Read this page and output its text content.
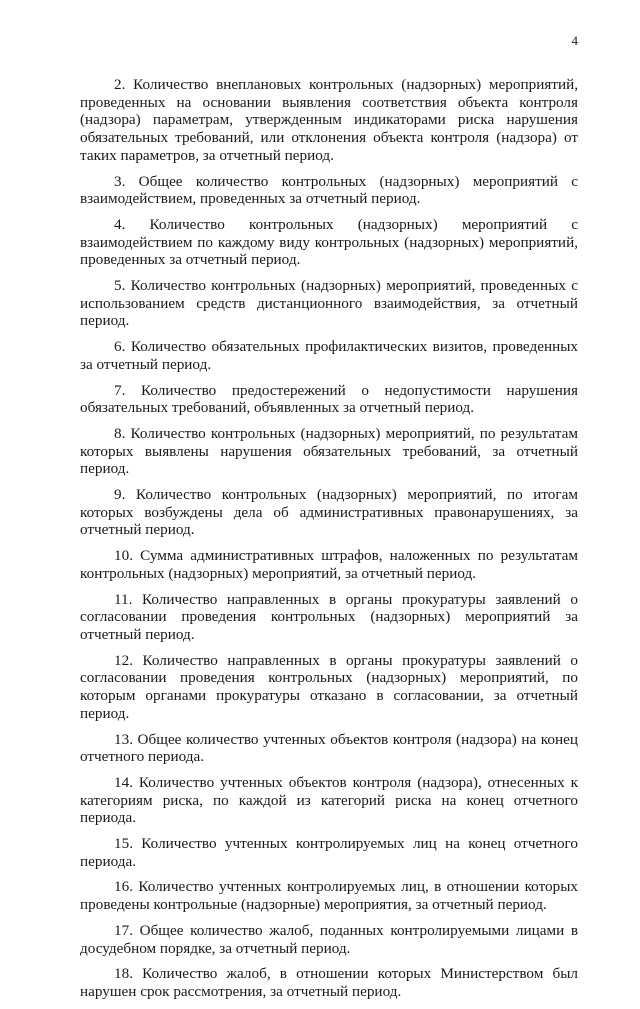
4

2. Количество внеплановых контрольных (надзорных) мероприятий, проведенных на основании выявления соответствия объекта контроля (надзора) параметрам, утвержденным индикаторами риска нарушения обязательных требований, или отклонения объекта контроля (надзора) от таких параметров, за отчетный период.

3. Общее количество контрольных (надзорных) мероприятий с взаимодействием, проведенных за отчетный период.

4. Количество контрольных (надзорных) мероприятий с взаимодействием по каждому виду контрольных (надзорных) мероприятий, проведенных за отчетный период.

5. Количество контрольных (надзорных) мероприятий, проведенных с использованием средств дистанционного взаимодействия, за отчетный период.

6. Количество обязательных профилактических визитов, проведенных за отчетный период.

7. Количество предостережений о недопустимости нарушения обязательных требований, объявленных за отчетный период.

8. Количество контрольных (надзорных) мероприятий, по результатам которых выявлены нарушения обязательных требований, за отчетный период.

9. Количество контрольных (надзорных) мероприятий, по итогам которых возбуждены дела об административных правонарушениях, за отчетный период.

10. Сумма административных штрафов, наложенных по результатам контрольных (надзорных) мероприятий, за отчетный период.

11. Количество направленных в органы прокуратуры заявлений о согласовании проведения контрольных (надзорных) мероприятий за отчетный период.

12. Количество направленных в органы прокуратуры заявлений о согласовании проведения контрольных (надзорных) мероприятий, по которым органами прокуратуры отказано в согласовании, за отчетный период.

13. Общее количество учтенных объектов контроля (надзора) на конец отчетного периода.

14. Количество учтенных объектов контроля (надзора), отнесенных к категориям риска, по каждой из категорий риска на конец отчетного периода.

15. Количество учтенных контролируемых лиц на конец отчетного периода.

16. Количество учтенных контролируемых лиц, в отношении которых проведены контрольные (надзорные) мероприятия, за отчетный период.

17. Общее количество жалоб, поданных контролируемыми лицами в досудебном порядке, за отчетный период.

18. Количество жалоб, в отношении которых Министерством был нарушен срок рассмотрения, за отчетный период.
